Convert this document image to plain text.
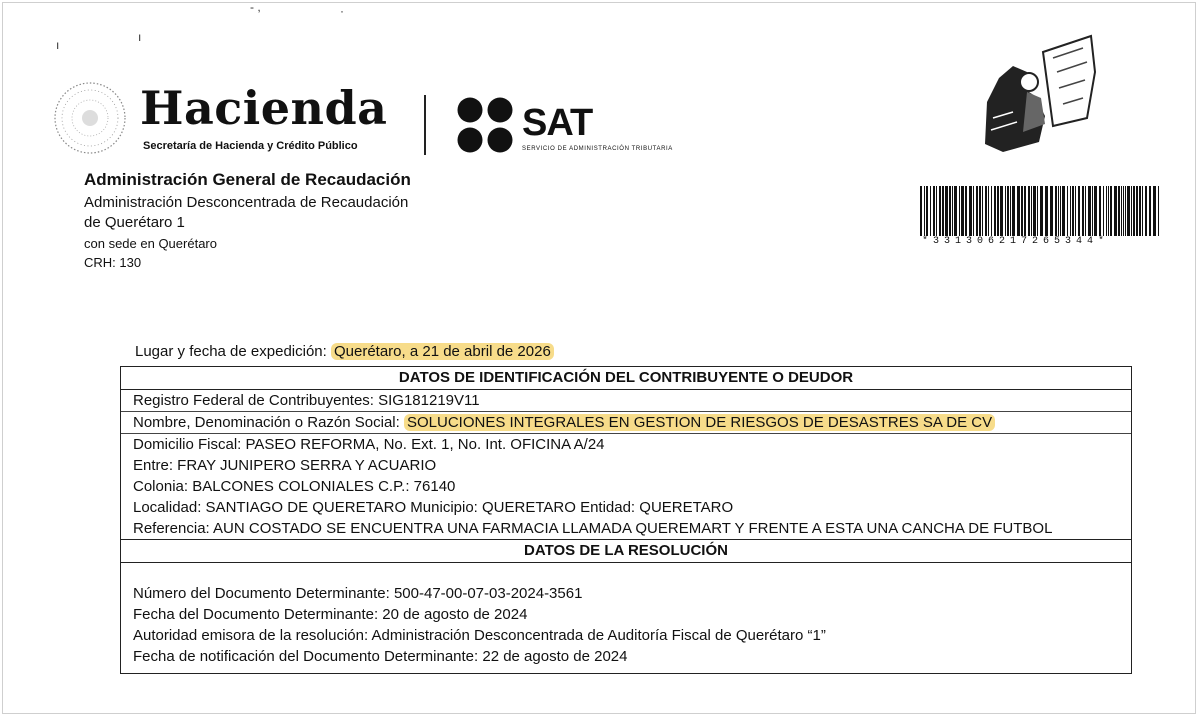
ı
ı
- ,	·
Hacienda
Secretaría de Hacienda y Crédito Público
SAT
SERVICIO DE ADMINISTRACIÓN TRIBUTARIA
Administración General de Recaudación
Administración Desconcentrada de Recaudación
de Querétaro 1
con sede en Querétaro
CRH: 130
*331306217265344*
Lugar y fecha de expedición: Querétaro, a 21 de abril de 2026
DATOS DE IDENTIFICACIÓN DEL CONTRIBUYENTE O DEUDOR
Registro Federal de Contribuyentes: SIG181219V11
Nombre, Denominación o Razón Social: SOLUCIONES INTEGRALES EN GESTION DE RIESGOS DE DESASTRES SA DE CV
Domicilio Fiscal: PASEO REFORMA, No. Ext. 1, No. Int. OFICINA A/24
Entre: FRAY JUNIPERO SERRA Y ACUARIO
Colonia: BALCONES COLONIALES C.P.: 76140
Localidad: SANTIAGO DE QUERETARO Municipio: QUERETARO Entidad: QUERETARO
Referencia: AUN COSTADO SE ENCUENTRA UNA FARMACIA LLAMADA QUEREMART Y FRENTE A ESTA UNA CANCHA DE FUTBOL
DATOS DE LA RESOLUCIÓN
Número del Documento Determinante: 500-47-00-07-03-2024-3561
Fecha del Documento Determinante: 20 de agosto de 2024
Autoridad emisora de la resolución: Administración Desconcentrada de Auditoría Fiscal de Querétaro “1”
Fecha de notificación del Documento Determinante: 22 de agosto de 2024
